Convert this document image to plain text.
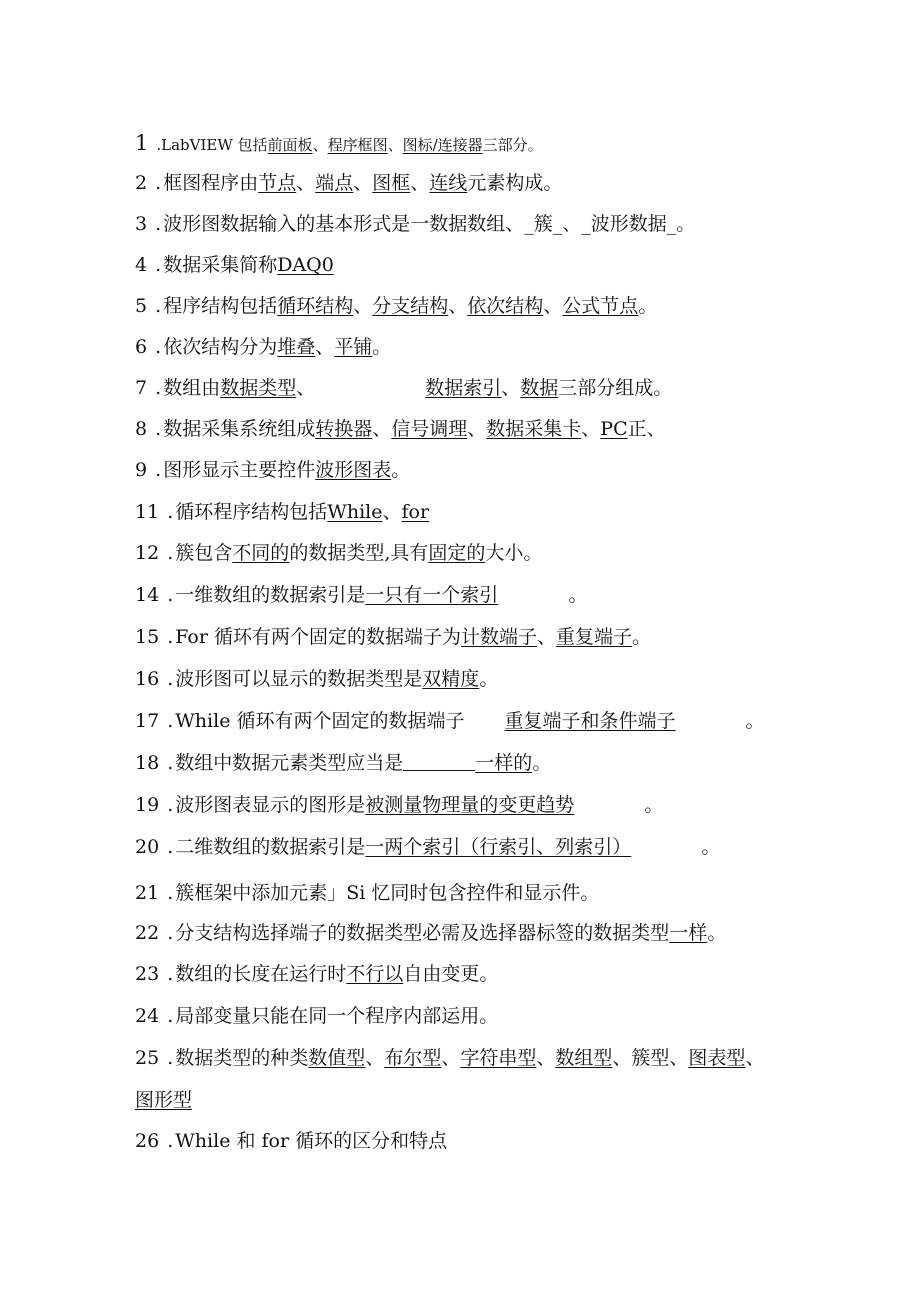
1 .LabVIEW 包括前面板、程序框图、图标/连接器三部分。
2 . 框图程序由节点、端点、图框、连线元素构成。
3 . 波形图数据输入的基本形式是一数据数组、_簇_、_波形数据_。
4 . 数据采集简称DAQ0
5 . 程序结构包括循环结构、分支结构、依次结构、公式节点。
6 . 依次结构分为堆叠、平铺。
7 . 数组由数据类型、	数据索引、数据三部分组成。
8 . 数据采集系统组成转换器、信号调理、数据采集卡、PC正、
9 . 图形显示主要控件波形图表。
11 . 循环程序结构包括While、for
12 . 簇包含不同的的数据类型,具有固定的大小。
14 . 一维数组的数据索引是一只有一个索引	。
15 . For 循环有两个固定的数据端子为计数端子、重复端子。
16 . 波形图可以显示的数据类型是双精度。
17 . While 循环有两个固定的数据端子 重复端子和条件端子	。
18 . 数组中数据元素类型应当是	一样的。
19 . 波形图表显示的图形是被测量物理量的变更趋势	。
20 . 二维数组的数据索引是一两个索引（行索引、列索引）	。
21 . 簇框架中添加元素」Si 忆同时包含控件和显示件。
22 . 分支结构选择端子的数据类型必需及选择器标签的数据类型一样。
23 . 数组的长度在运行时不行以自由变更。
24 . 局部变量只能在同一个程序内部运用。
25 . 数据类型的种类数值型、布尔型、字符串型、数组型、簇型、图表型、
图形型
26 . While 和 for 循环的区分和特点
